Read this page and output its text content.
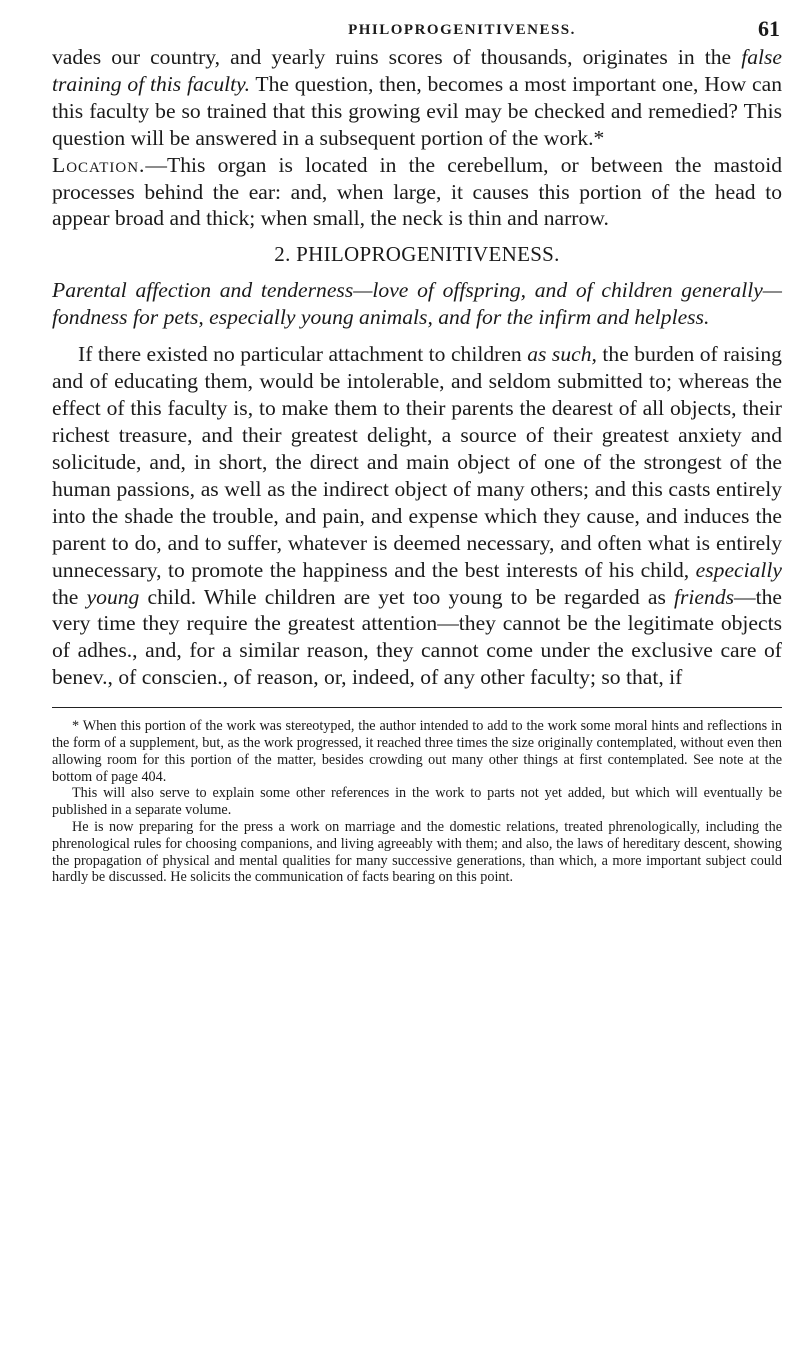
PHILOPROGENITIVENESS.	61

vades our country, and yearly ruins scores of thousands, originates in the false training of this faculty. The question, then, becomes a most important one, How can this faculty be so trained that this growing evil may be checked and remedied? This question will be answered in a subsequent portion of the work.*
Location.—This organ is located in the cerebellum, or between the mastoid processes behind the ear: and, when large, it causes this portion of the head to appear broad and thick; when small, the neck is thin and narrow.

2. PHILOPROGENITIVENESS.

Parental affection and tenderness—love of offspring, and of children generally—fondness for pets, especially young animals, and for the infirm and helpless.

If there existed no particular attachment to children as such, the burden of raising and of educating them, would be intolerable, and seldom submitted to; whereas the effect of this faculty is, to make them to their parents the dearest of all objects, their richest treasure, and their greatest delight, a source of their greatest anxiety and solicitude, and, in short, the direct and main object of one of the strongest of the human passions, as well as the indirect object of many others; and this casts entirely into the shade the trouble, and pain, and expense which they cause, and induces the parent to do, and to suffer, whatever is deemed necessary, and often what is entirely unnecessary, to promote the happiness and the best interests of his child, especially the young child. While children are yet too young to be regarded as friends—the very time they require the greatest attention—they cannot be the legitimate objects of adhes., and, for a similar reason, they cannot come under the exclusive care of benev., of conscien., of reason, or, indeed, of any other faculty; so that, if

* When this portion of the work was stereotyped, the author intended to add to the work some moral hints and reflections in the form of a supplement, but, as the work progressed, it reached three times the size originally contemplated, without even then allowing room for this portion of the matter, besides crowding out many other things at first contemplated. See note at the bottom of page 404.

This will also serve to explain some other references in the work to parts not yet added, but which will eventually be published in a separate volume.

He is now preparing for the press a work on marriage and the domestic relations, treated phrenologically, including the phrenological rules for choosing companions, and living agreeably with them; and also, the laws of hereditary descent, showing the propagation of physical and mental qualities for many successive generations, than which, a more important subject could hardly be discussed. He solicits the communication of facts bearing on this point.
